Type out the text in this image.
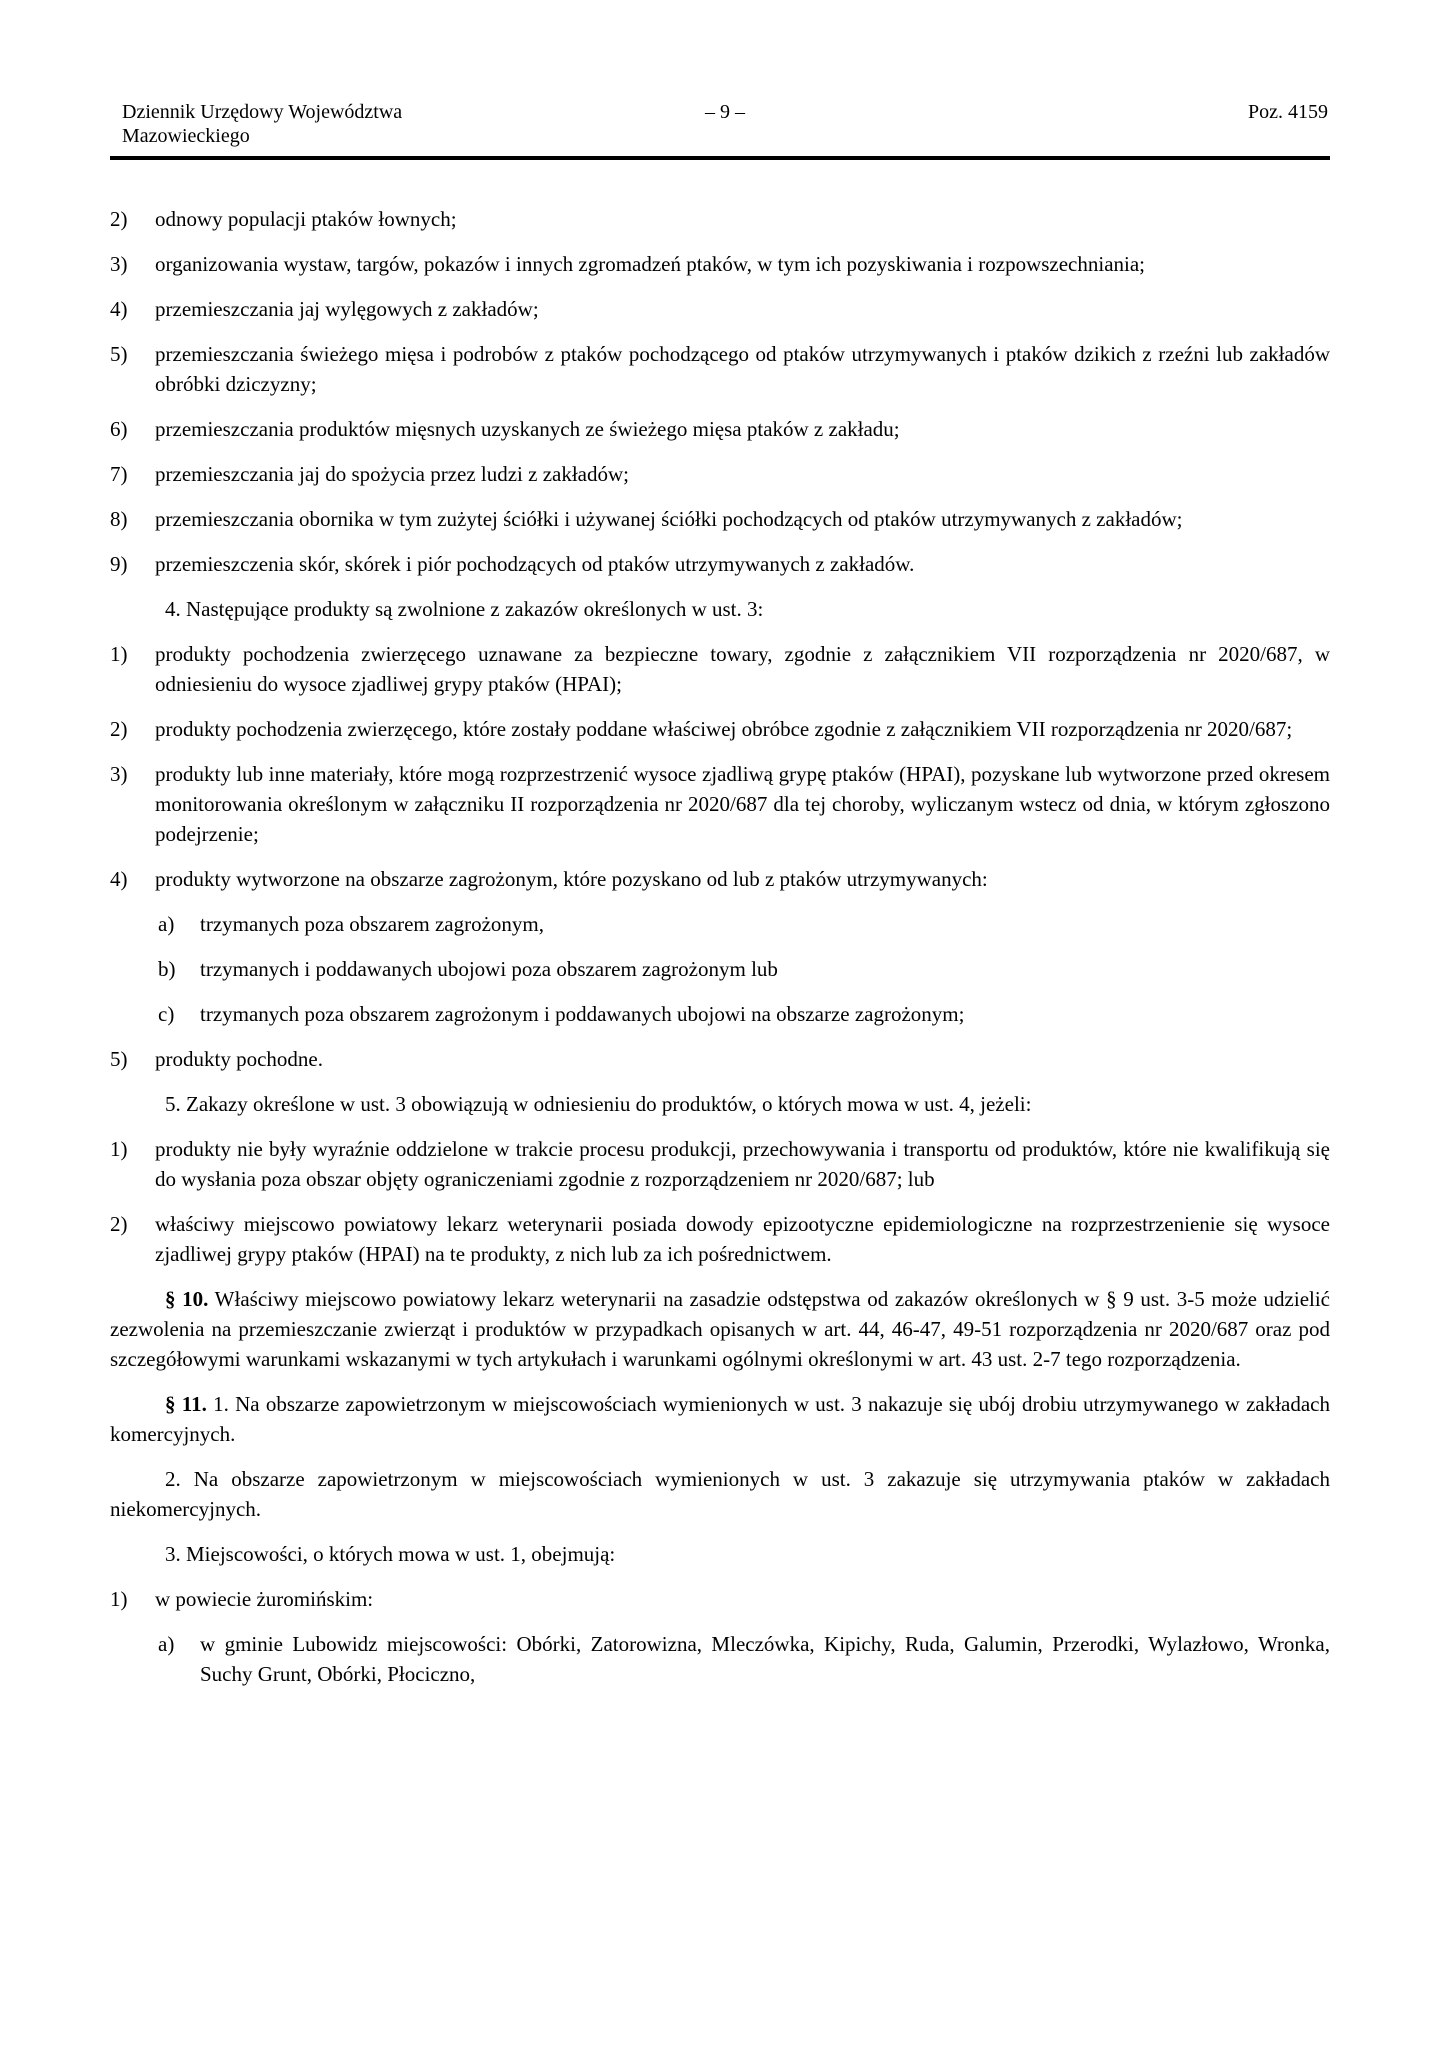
Dziennik Urzędowy Województwa Mazowieckiego
– 9 –	Poz. 4159
2) odnowy populacji ptaków łownych;
3) organizowania wystaw, targów, pokazów i innych zgromadzeń ptaków, w tym ich pozyskiwania i rozpowszechniania;
4) przemieszczania jaj wylęgowych z zakładów;
5) przemieszczania świeżego mięsa i podrobów z ptaków pochodzącego od ptaków utrzymywanych i ptaków dzikich z rzeźni lub zakładów obróbki dziczyzny;
6) przemieszczania produktów mięsnych uzyskanych ze świeżego mięsa ptaków z zakładu;
7) przemieszczania jaj do spożycia przez ludzi z zakładów;
8) przemieszczania obornika w tym zużytej ściółki i używanej ściółki pochodzących od ptaków utrzymywanych z zakładów;
9) przemieszczenia skór, skórek i piór pochodzących od ptaków utrzymywanych z zakładów.
4. Następujące produkty są zwolnione z zakazów określonych w ust. 3:
1) produkty pochodzenia zwierzęcego uznawane za bezpieczne towary, zgodnie z załącznikiem VII rozporządzenia nr 2020/687, w odniesieniu do wysoce zjadliwej grypy ptaków (HPAI);
2) produkty pochodzenia zwierzęcego, które zostały poddane właściwej obróbce zgodnie z załącznikiem VII rozporządzenia nr 2020/687;
3) produkty lub inne materiały, które mogą rozprzestrzenić wysoce zjadliwą grypę ptaków (HPAI), pozyskane lub wytworzone przed okresem monitorowania określonym w załączniku II rozporządzenia nr 2020/687 dla tej choroby, wyliczanym wstecz od dnia, w którym zgłoszono podejrzenie;
4) produkty wytworzone na obszarze zagrożonym, które pozyskano od lub z ptaków utrzymywanych:
a) trzymanych poza obszarem zagrożonym,
b) trzymanych i poddawanych ubojowi poza obszarem zagrożonym lub
c) trzymanych poza obszarem zagrożonym i poddawanych ubojowi na obszarze zagrożonym;
5) produkty pochodne.
5. Zakazy określone w ust. 3 obowiązują w odniesieniu do produktów, o których mowa w ust. 4, jeżeli:
1) produkty nie były wyraźnie oddzielone w trakcie procesu produkcji, przechowywania i transportu od produktów, które nie kwalifikują się do wysłania poza obszar objęty ograniczeniami zgodnie z rozporządzeniem nr 2020/687; lub
2) właściwy miejscowo powiatowy lekarz weterynarii posiada dowody epizootyczne epidemiologiczne na rozprzestrzenienie się wysoce zjadliwej grypy ptaków (HPAI) na te produkty, z nich lub za ich pośrednictwem.
§ 10. Właściwy miejscowo powiatowy lekarz weterynarii na zasadzie odstępstwa od zakazów określonych w § 9 ust. 3-5 może udzielić zezwolenia na przemieszczanie zwierząt i produktów w przypadkach opisanych w art. 44, 46-47, 49-51 rozporządzenia nr 2020/687 oraz pod szczegółowymi warunkami wskazanymi w tych artykułach i warunkami ogólnymi określonymi w art. 43 ust. 2-7 tego rozporządzenia.
§ 11. 1. Na obszarze zapowietrzonym w miejscowościach wymienionych w ust. 3 nakazuje się ubój drobiu utrzymywanego w zakładach komercyjnych.
2. Na obszarze zapowietrzonym w miejscowościach wymienionych w ust. 3 zakazuje się utrzymywania ptaków w zakładach niekomercyjnych.
3. Miejscowości, o których mowa w ust. 1, obejmują:
1) w powiecie żuromińskim:
a) w gminie Lubowidz miejscowości: Obórki, Zatorowizna, Mleczówka, Kipichy, Ruda, Galumin, Przerodki, Wylazłowo, Wronka, Suchy Grunt, Obórki, Płociczno,
